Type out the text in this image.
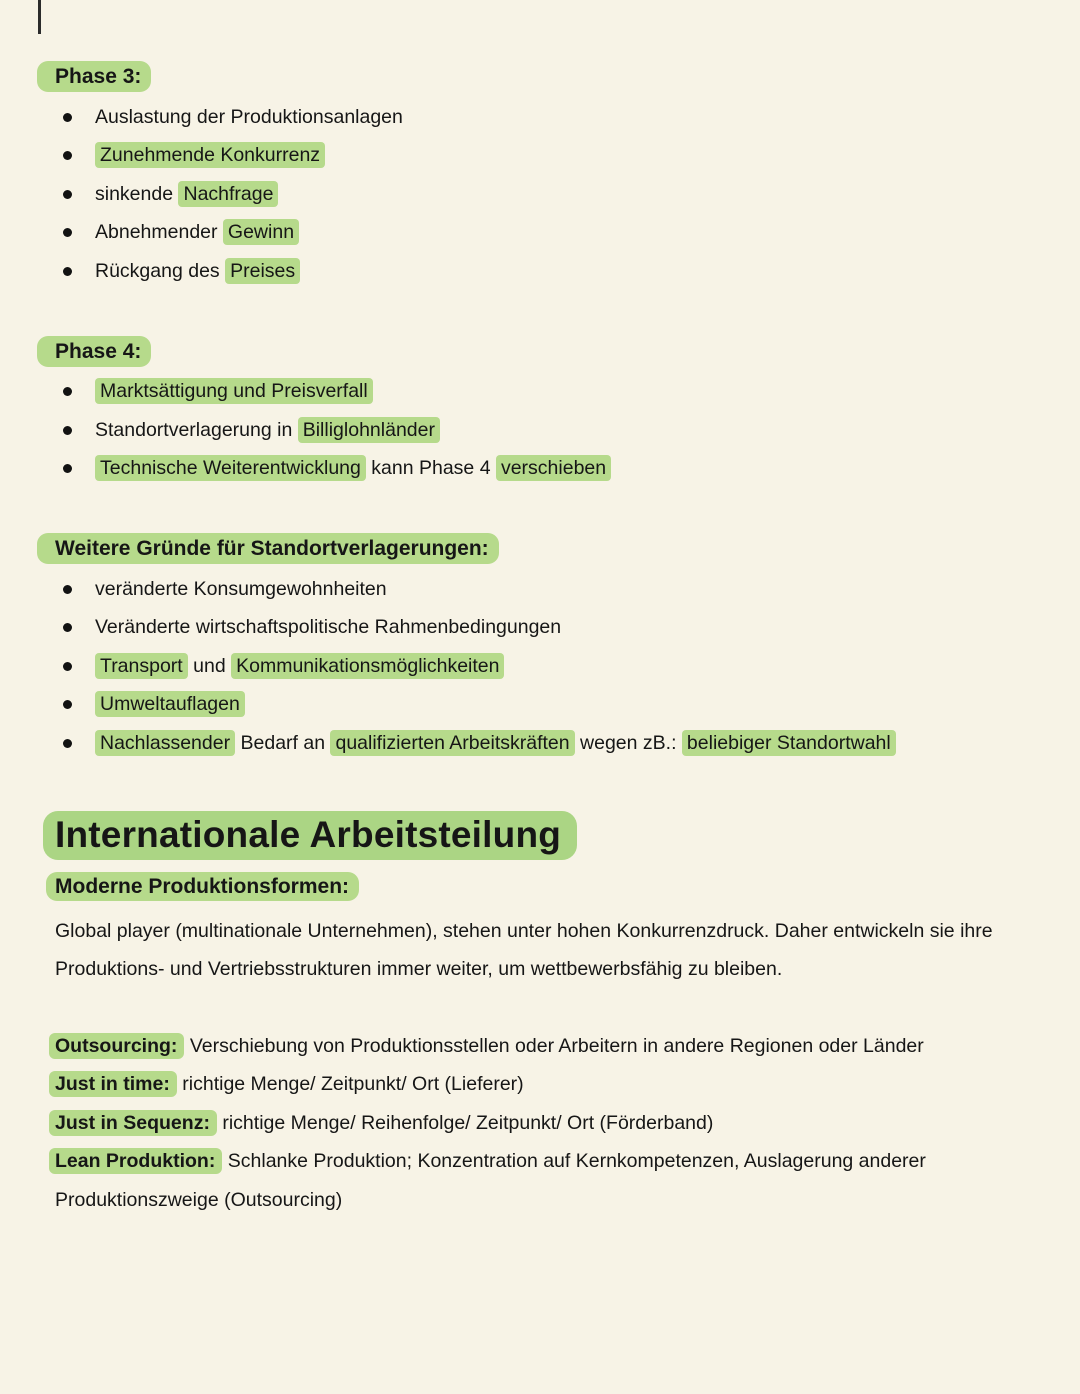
Phase 3:
Auslastung der Produktionsanlagen
Zunehmende Konkurrenz
sinkende Nachfrage
Abnehmender Gewinn
Rückgang des Preises
Phase 4:
Marktsättigung und Preisverfall
Standortverlagerung in Billiglohnländer
Technische Weiterentwicklung kann Phase 4 verschieben
Weitere Gründe für Standortverlagerungen:
veränderte Konsumgewohnheiten
Veränderte wirtschaftspolitische Rahmenbedingungen
Transport und Kommunikationsmöglichkeiten
Umweltauflagen
Nachlassender Bedarf an qualifizierten Arbeitskräften wegen zB.: beliebiger Standortwahl
Internationale Arbeitsteilung
Moderne Produktionsformen:

Global player (multinationale Unternehmen), stehen unter hohen Konkurrenzdruck. Daher entwickeln sie ihre Produktions- und Vertriebsstrukturen immer weiter, um wettbewerbsfähig zu bleiben.

Outsourcing: Verschiebung von Produktionsstellen oder Arbeitern in andere Regionen oder Länder
Just in time: richtige Menge/ Zeitpunkt/ Ort (Lieferer)
Just in Sequenz: richtige Menge/ Reihenfolge/ Zeitpunkt/ Ort (Förderband)
Lean Produktion: Schlanke Produktion; Konzentration auf Kernkompetenzen, Auslagerung anderer Produktionszweige (Outsourcing)
